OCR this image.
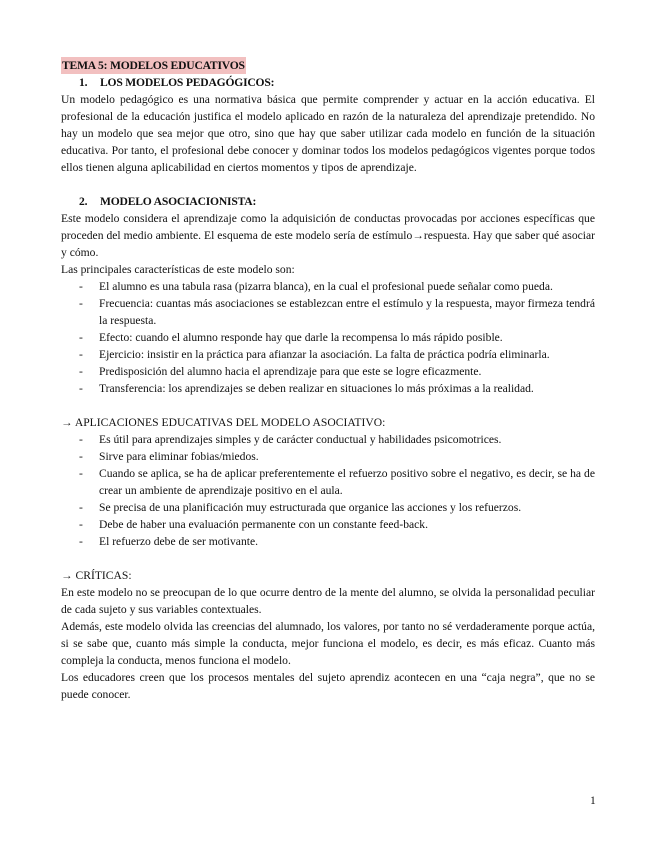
TEMA 5: MODELOS EDUCATIVOS
1. LOS MODELOS PEDAGÓGICOS:

Un modelo pedagógico es una normativa básica que permite comprender y actuar en la acción educativa. El profesional de la educación justifica el modelo aplicado en razón de la naturaleza del aprendizaje pretendido. No hay un modelo que sea mejor que otro, sino que hay que saber utilizar cada modelo en función de la situación educativa. Por tanto, el profesional debe conocer y dominar todos los modelos pedagógicos vigentes porque todos ellos tienen alguna aplicabilidad en ciertos momentos y tipos de aprendizaje.

2. MODELO ASOCIACIONISTA:

Este modelo considera el aprendizaje como la adquisición de conductas provocadas por acciones específicas que proceden del medio ambiente. El esquema de este modelo sería de estímulo→respuesta. Hay que saber qué asociar y cómo.

Las principales características de este modelo son:

- El alumno es una tabula rasa (pizarra blanca), en la cual el profesional puede señalar como pueda.
- Frecuencia: cuantas más asociaciones se establezcan entre el estímulo y la respuesta, mayor firmeza tendrá la respuesta.
- Efecto: cuando el alumno responde hay que darle la recompensa lo más rápido posible.
- Ejercicio: insistir en la práctica para afianzar la asociación. La falta de práctica podría eliminarla.
- Predisposición del alumno hacia el aprendizaje para que este se logre eficazmente.
- Transferencia: los aprendizajes se deben realizar en situaciones lo más próximas a la realidad.

→ APLICACIONES EDUCATIVAS DEL MODELO ASOCIATIVO:

- Es útil para aprendizajes simples y de carácter conductual y habilidades psicomotrices.
- Sirve para eliminar fobias/miedos.
- Cuando se aplica, se ha de aplicar preferentemente el refuerzo positivo sobre el negativo, es decir, se ha de crear un ambiente de aprendizaje positivo en el aula.
- Se precisa de una planificación muy estructurada que organice las acciones y los refuerzos.
- Debe de haber una evaluación permanente con un constante feed-back.
- El refuerzo debe de ser motivante.

→ CRÍTICAS:

En este modelo no se preocupan de lo que ocurre dentro de la mente del alumno, se olvida la personalidad peculiar de cada sujeto y sus variables contextuales.

Además, este modelo olvida las creencias del alumnado, los valores, por tanto no sé verdaderamente porque actúa, si se sabe que, cuanto más simple la conducta, mejor funciona el modelo, es decir, es más eficaz. Cuanto más compleja la conducta, menos funciona el modelo.

Los educadores creen que los procesos mentales del sujeto aprendiz acontecen en una “caja negra”, que no se puede conocer.

1
